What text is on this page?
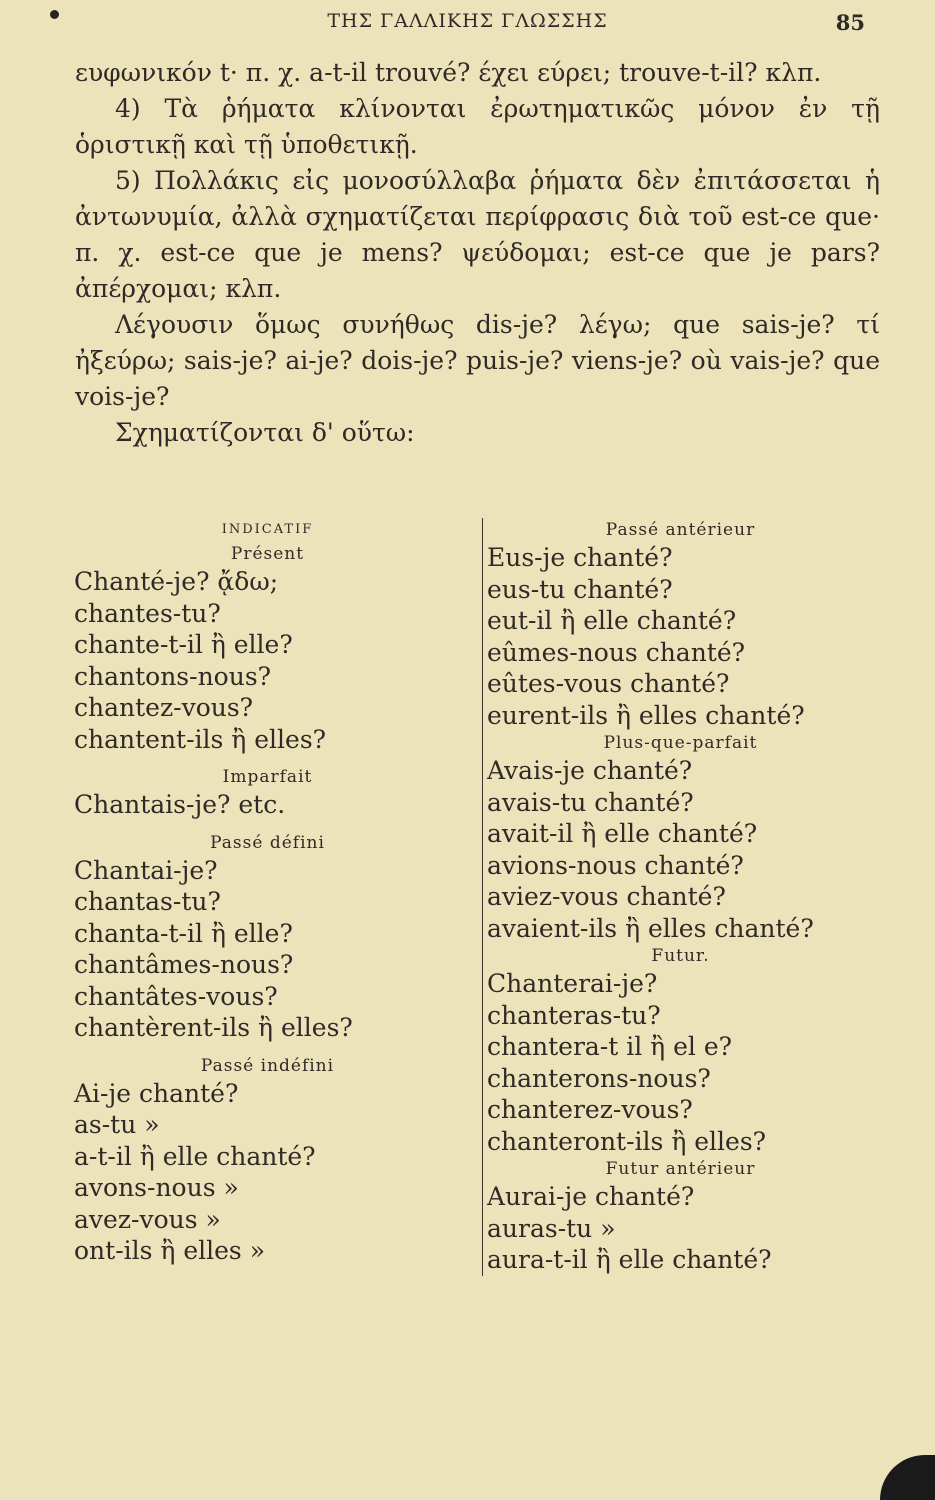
ΤΗΣ ΓΑΛΛΙΚΗΣ ΓΛΩΣΣΗΣ	85

ευφωνικόν t· π. χ. a-t-il trouvé? έχει εύρει; trouve-t-il? κλπ.

4) Τὰ ῥήματα κλίνονται ἐρωτηματικῶς μόνον ἐν τῇ ὁριστικῇ καὶ τῇ ὑποθετικῇ.

5) Πολλάκις εἰς μονοσύλλαβα ῥήματα δὲν ἐπιτάσσεται ἡ ἀντωνυμία, ἀλλὰ σχηματίζεται περίφρασις διὰ τοῦ est-ce que· π. χ. est-ce que je mens? ψεύδομαι; est-ce que je pars? ἀπέρχομαι; κλπ.

Λέγουσιν ὅμως συνήθως dis-je? λέγω; que sais-je? τί ἠξεύρω; sais-je? ai-je? dois-je? puis-je? viens-je? où vais-je? que vois-je?

Σχηματίζονται δ' οὕτω:

INDICATIF
Présent
Chanté-je? ᾄδω;
chantes-tu?
chante-t-il ἢ elle?
chantons-nous?
chantez-vous?
chantent-ils ἢ elles?
Imparfait
Chantais-je? etc.
Passé défini
Chantai-je?
chantas-tu?
chanta-t-il ἢ elle?
chantâmes-nous?
chantâtes-vous?
chantèrent-ils ἢ elles?
Passé indéfini
Ai-je chanté?
as-tu »
a-t-il ἢ elle chanté?
avons-nous »
avez-vous »
ont-ils ἢ elles »
Passé antérieur
Eus-je chanté?
eus-tu chanté?
eut-il ἢ elle chanté?
eûmes-nous chanté?
eûtes-vous chanté?
eurent-ils ἢ elles chanté?
Plus-que-parfait
Avais-je chanté?
avais-tu chanté?
avait-il ἢ elle chanté?
avions-nous chanté?
aviez-vous chanté?
avaient-ils ἢ elles chanté?
Futur.
Chanterai-je?
chanteras-tu?
chantera-t il ἢ el e?
chanterons-nous?
chanterez-vous?
chanteront-ils ἢ elles?
Futur antérieur
Aurai-je chanté?
auras-tu »
aura-t-il ἢ elle chanté?
